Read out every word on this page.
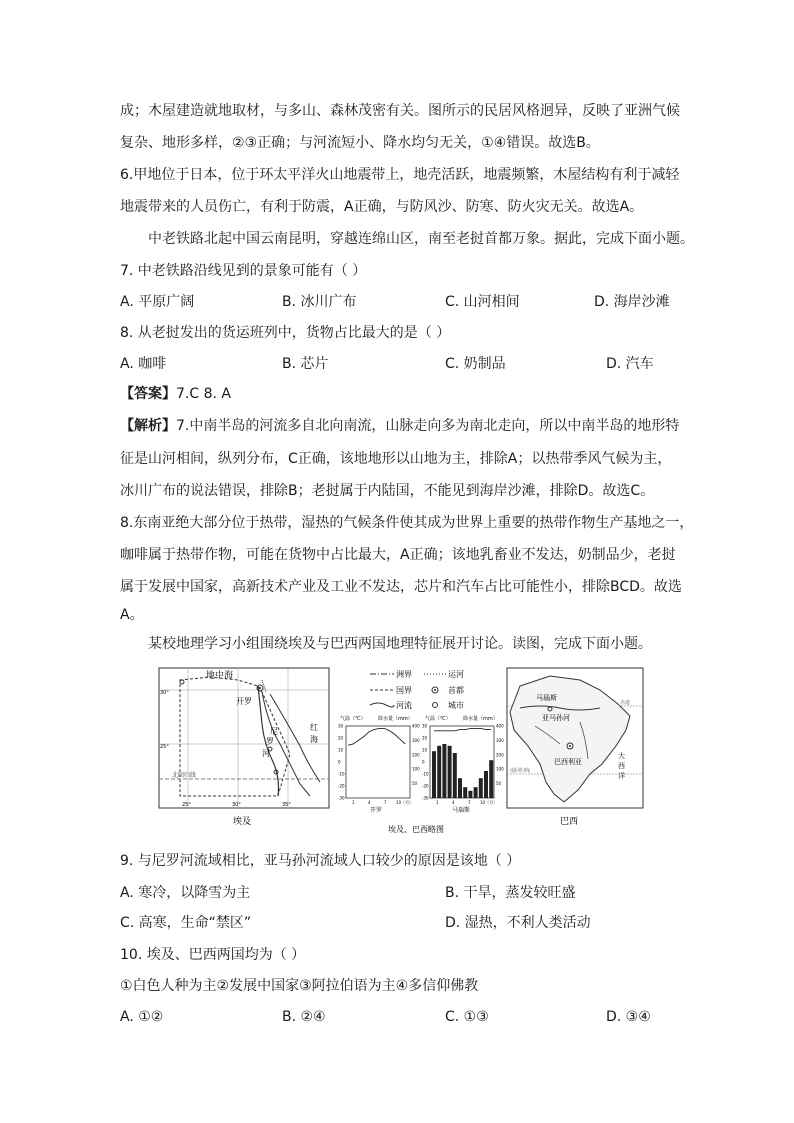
成；木屋建造就地取材，与多山、森林茂密有关。图所示的民居风格迥异，反映了亚洲气候
复杂、地形多样，②③正确；与河流短小、降水均匀无关，①④错误。故选B。
6.甲地位于日本，位于环太平洋火山地震带上，地壳活跃，地震频繁，木屋结构有利于减轻
地震带来的人员伤亡，有利于防震，A正确，与防风沙、防寒、防火灾无关。故选A。
中老铁路北起中国云南昆明，穿越连绵山区，南至老挝首都万象。据此，完成下面小题。
7. 中老铁路沿线见到的景象可能有（ ）
A. 平原广阔	B. 冰川广布	C. 山河相间	D. 海岸沙滩
8. 从老挝发出的货运班列中，货物占比最大的是（ ）
A. 咖啡	B. 芯片	C. 奶制品	D. 汽车
【答案】7.C 8. A
【解析】7.中南半岛的河流多自北向南流，山脉走向多为南北走向，所以中南半岛的地形特
征是山河相间，纵列分布，C正确，该地地形以山地为主，排除A；以热带季风气候为主，
冰川广布的说法错误，排除B；老挝属于内陆国，不能见到海岸沙滩，排除D。故选C。
8.东南亚绝大部分位于热带，湿热的气候条件使其成为世界上重要的热带作物生产基地之一，
咖啡属于热带作物，可能在货物中占比最大，A正确；该地乳畜业不发达，奶制品少，老挝
属于发展中国家，高新技术产业及工业不发达，芯片和汽车占比可能性小，排除BCD。故选
A。
某校地理学习小组围绕埃及与巴西两国地理特征展开讨论。读图，完成下面小题。
地中海
开罗
红
海
尼
罗
河
北回归线
30°
25°
25°	30°	35°
埃及
洲界	运河
国界	首都
河流	城市
气温（℃） 降水量（mm）
30
20
10
0
-10
-20
-30
400
300
200
100
50
1	4	7 10（月）
开罗
气温（℃） 降水量（mm）
30
20
10
0
-10
-20
-30
400
300
200
100
50
1	4	7 10（月）
马瑙斯
埃及、巴西略图
马瑙斯
亚马孙河
巴西利亚
大
西
洋
赤道
南回归线
巴西
9. 与尼罗河流域相比，亚马孙河流域人口较少的原因是该地（ ）
A. 寒冷，以降雪为主	B. 干旱，蒸发较旺盛
C. 高寒，生命“禁区”	D. 湿热，不利人类活动
10. 埃及、巴西两国均为（ ）
①白色人种为主②发展中国家③阿拉伯语为主④多信仰佛教
A. ①②	B. ②④	C. ①③	D. ③④
